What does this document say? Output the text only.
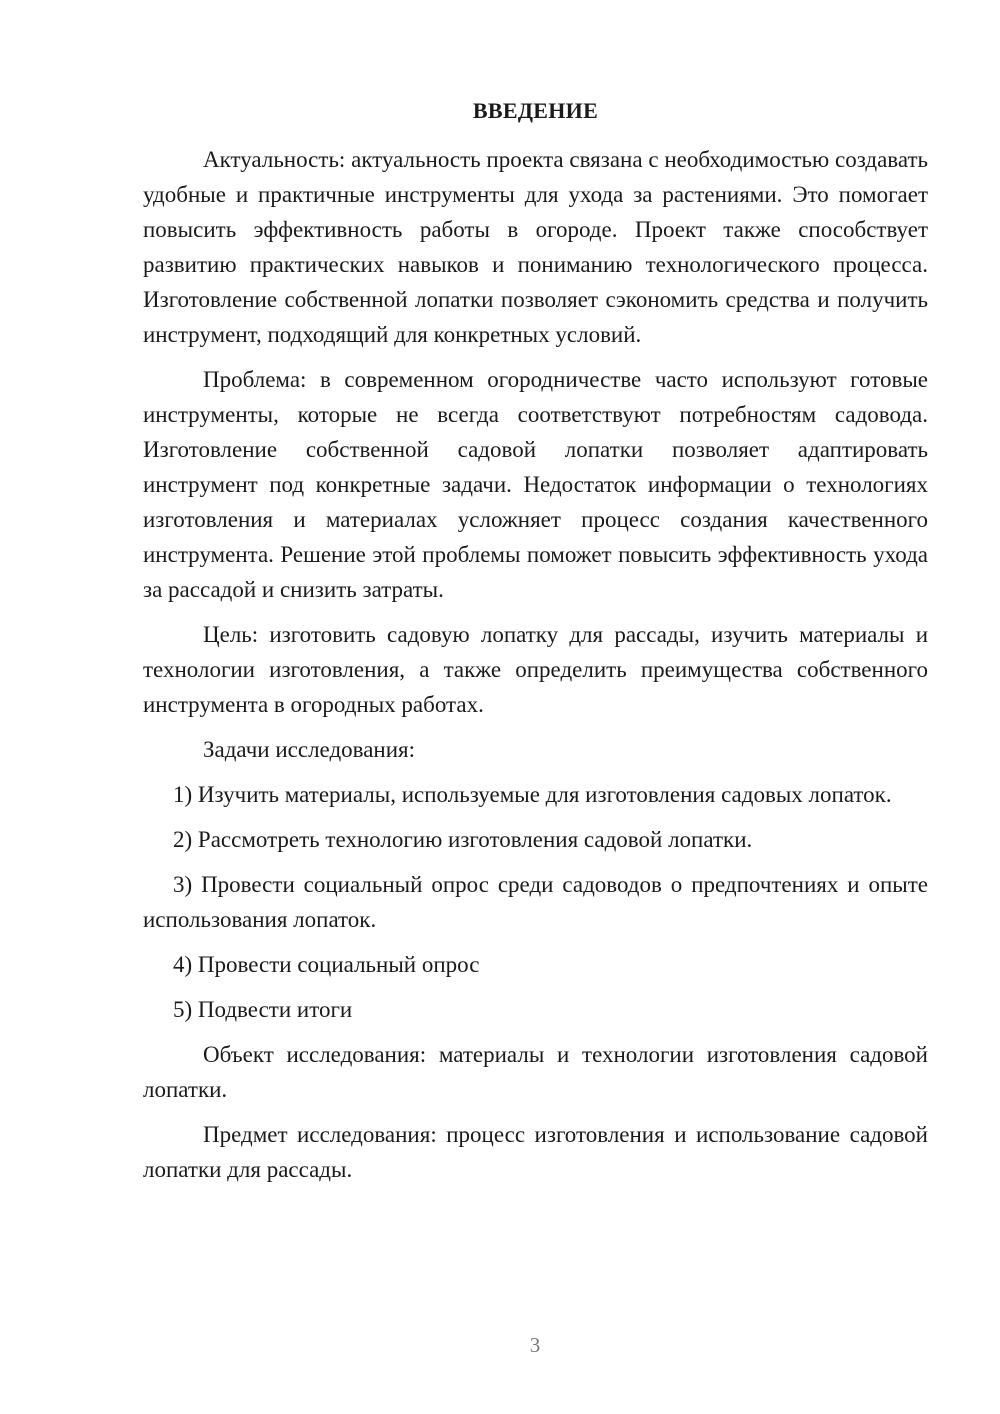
ВВЕДЕНИЕ

Актуальность: актуальность проекта связана с необходимостью создавать удобные и практичные инструменты для ухода за растениями. Это помогает повысить эффективность работы в огороде. Проект также способствует развитию практических навыков и пониманию технологического процесса. Изготовление собственной лопатки позволяет сэкономить средства и получить инструмент, подходящий для конкретных условий.

Проблема: в современном огородничестве часто используют готовые инструменты, которые не всегда соответствуют потребностям садовода. Изготовление собственной садовой лопатки позволяет адаптировать инструмент под конкретные задачи. Недостаток информации о технологиях изготовления и материалах усложняет процесс создания качественного инструмента. Решение этой проблемы поможет повысить эффективность ухода за рассадой и снизить затраты.

Цель: изготовить садовую лопатку для рассады, изучить материалы и технологии изготовления, а также определить преимущества собственного инструмента в огородных работах.

Задачи исследования:

1) Изучить материалы, используемые для изготовления садовых лопаток.

2) Рассмотреть технологию изготовления садовой лопатки.

3) Провести социальный опрос среди садоводов о предпочтениях и опыте использования лопаток.

4) Провести социальный опрос

5) Подвести итоги

Объект исследования: материалы и технологии изготовления садовой лопатки.

Предмет исследования: процесс изготовления и использование садовой лопатки для рассады.

3
